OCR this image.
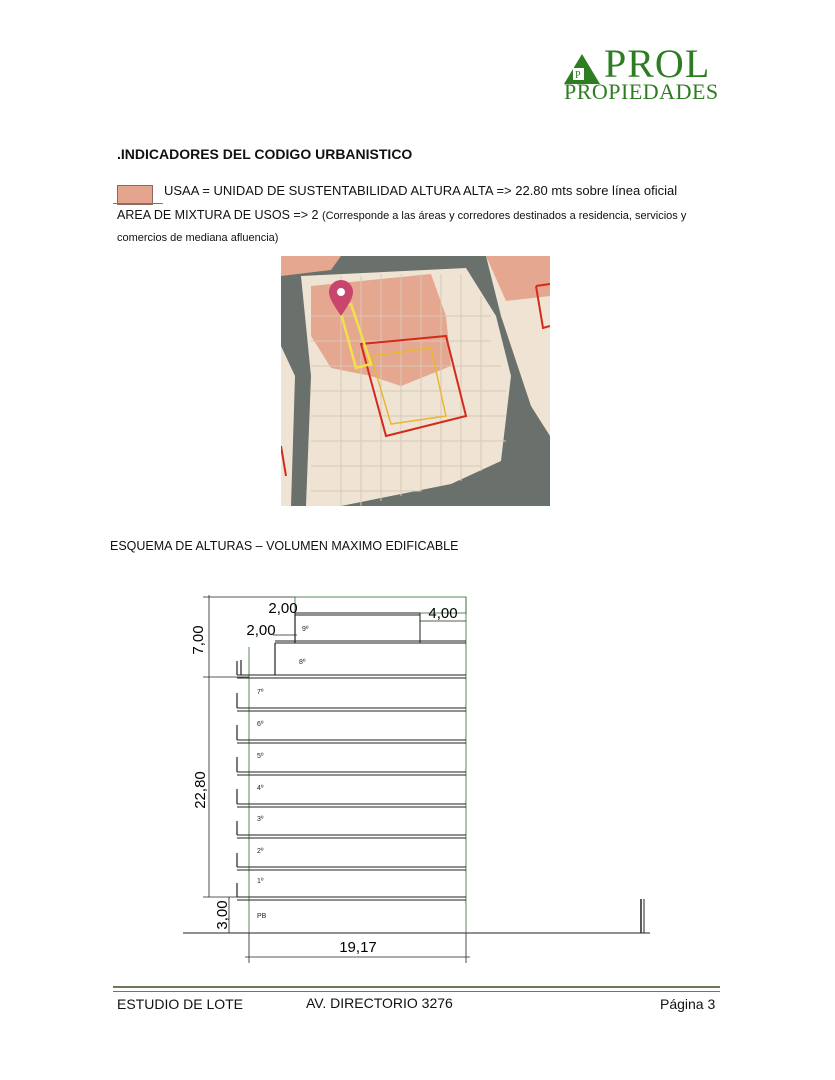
P PROL
PROPIEDADES
.INDICADORES DEL CODIGO URBANISTICO
USAA = UNIDAD DE SUSTENTABILIDAD ALTURA ALTA => 22.80 mts sobre línea oficial
AREA DE MIXTURA DE USOS => 2 (Corresponde a las áreas y corredores destinados a residencia, servicios y comercios de mediana afluencia)
ESQUEMA DE ALTURAS – VOLUMEN MAXIMO EDIFICABLE
7,00
22,80
3,00
19,17
2,00
2,00
4,00
9º
8º
7º
6º
5º
4º
3º
2º
1º
PB
ESTUDIO DE LOTE	AV. DIRECTORIO 3276	Página 3
